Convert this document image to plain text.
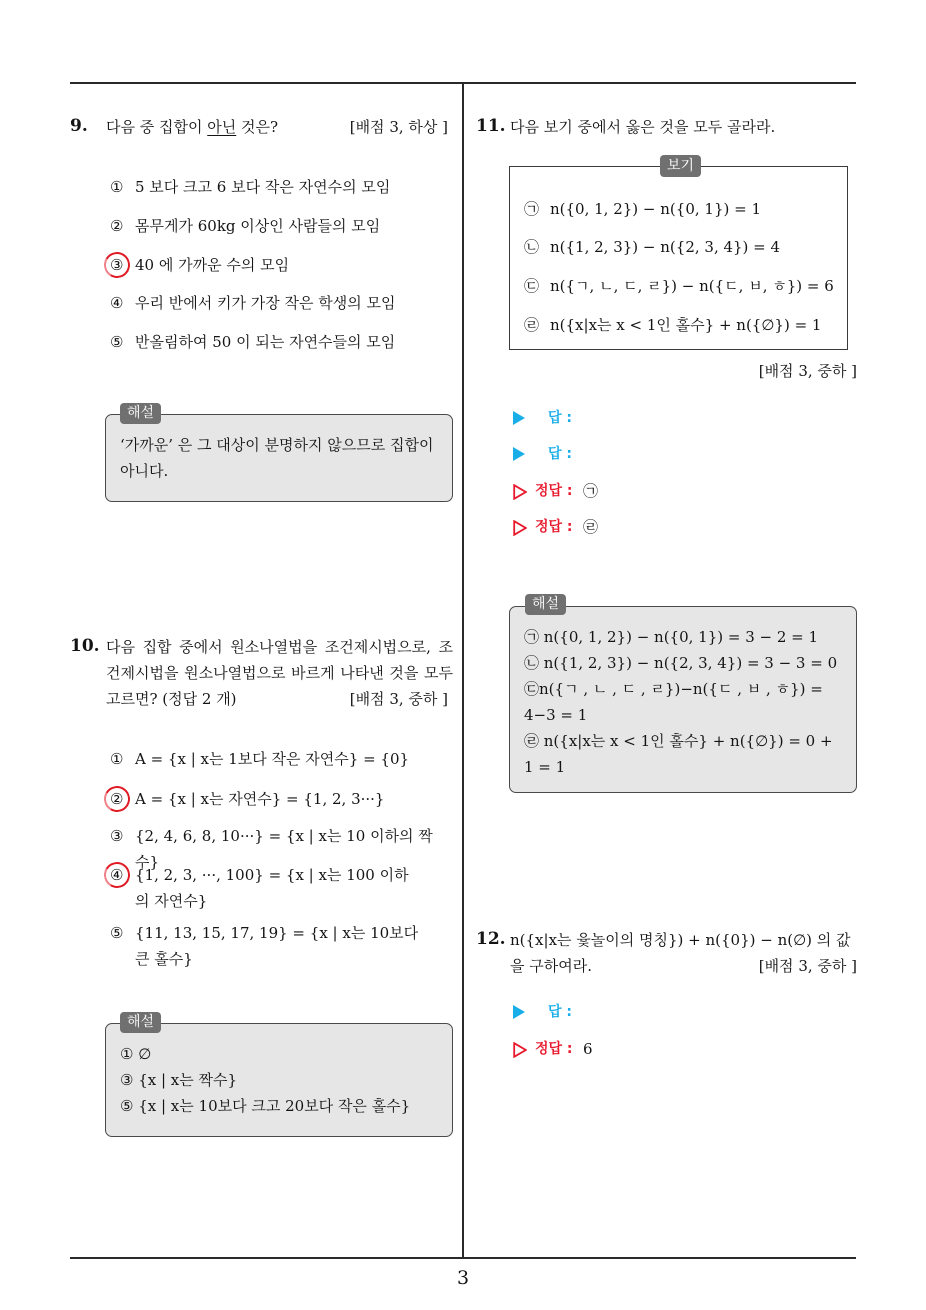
9. 다음 중 집합이 아닌 것은?	[배점 3, 하상 ]
① 5 보다 크고 6 보다 작은 자연수의 모임
② 몸무게가 60kg 이상인 사람들의 모임
③ 40 에 가까운 수의 모임
④ 우리 반에서 키가 가장 작은 학생의 모임
⑤ 반올림하여 50 이 되는 자연수들의 모임
‘가까운’ 은 그 대상이 분명하지 않으므로 집합이 아니다.
해설
10. 다음 집합 중에서 원소나열법을 조건제시법으로, 조건제시법을 원소나열법으로 바르게 나타낸 것을 모두 고르면? (정답 2 개)	[배점 3, 중하 ]
① A = {x | x는 1보다 작은 자연수} = {0}
② A = {x | x는 자연수} = {1, 2, 3···}
③ {2, 4, 6, 8, 10···} = {x | x는 10 이하의 짝수}
④ {1, 2, 3, ···, 100} = {x | x는 100 이하의 자연수}
⑤ {11, 13, 15, 17, 19} = {x | x는 10보다 큰 홀수}
① ∅
③ {x | x는 짝수}
⑤ {x | x는 10보다 크고 20보다 작은 홀수}
해설
11. 다음 보기 중에서 옳은 것을 모두 골라라.
㉠ n({0, 1, 2}) − n({0, 1}) = 1
㉡ n({1, 2, 3}) − n({2, 3, 4}) = 4
㉢ n({ㄱ, ㄴ, ㄷ, ㄹ}) − n({ㄷ, ㅂ, ㅎ}) = 6
㉣ n({x|x는 x < 1인 홀수} + n({∅}) = 1
보기
[배점 3, 중하 ]
답 :
답 :
정답 : ㉠
정답 : ㉣
㉠ n({0, 1, 2}) − n({0, 1}) = 3 − 2 = 1
㉡ n({1, 2, 3}) − n({2, 3, 4}) = 3 − 3 = 0
㉢n({ㄱ , ㄴ , ㄷ , ㄹ})−n({ㄷ , ㅂ , ㅎ}) = 4−3 = 1
㉣ n({x|x는 x < 1인 홀수} + n({∅}) = 0 + 1 = 1
해설
12. n({x|x는 윷놀이의 명칭}) + n({0}) − n(∅) 의 값을 구하여라.	[배점 3, 중하 ]
답 :
정답 : 6
3
